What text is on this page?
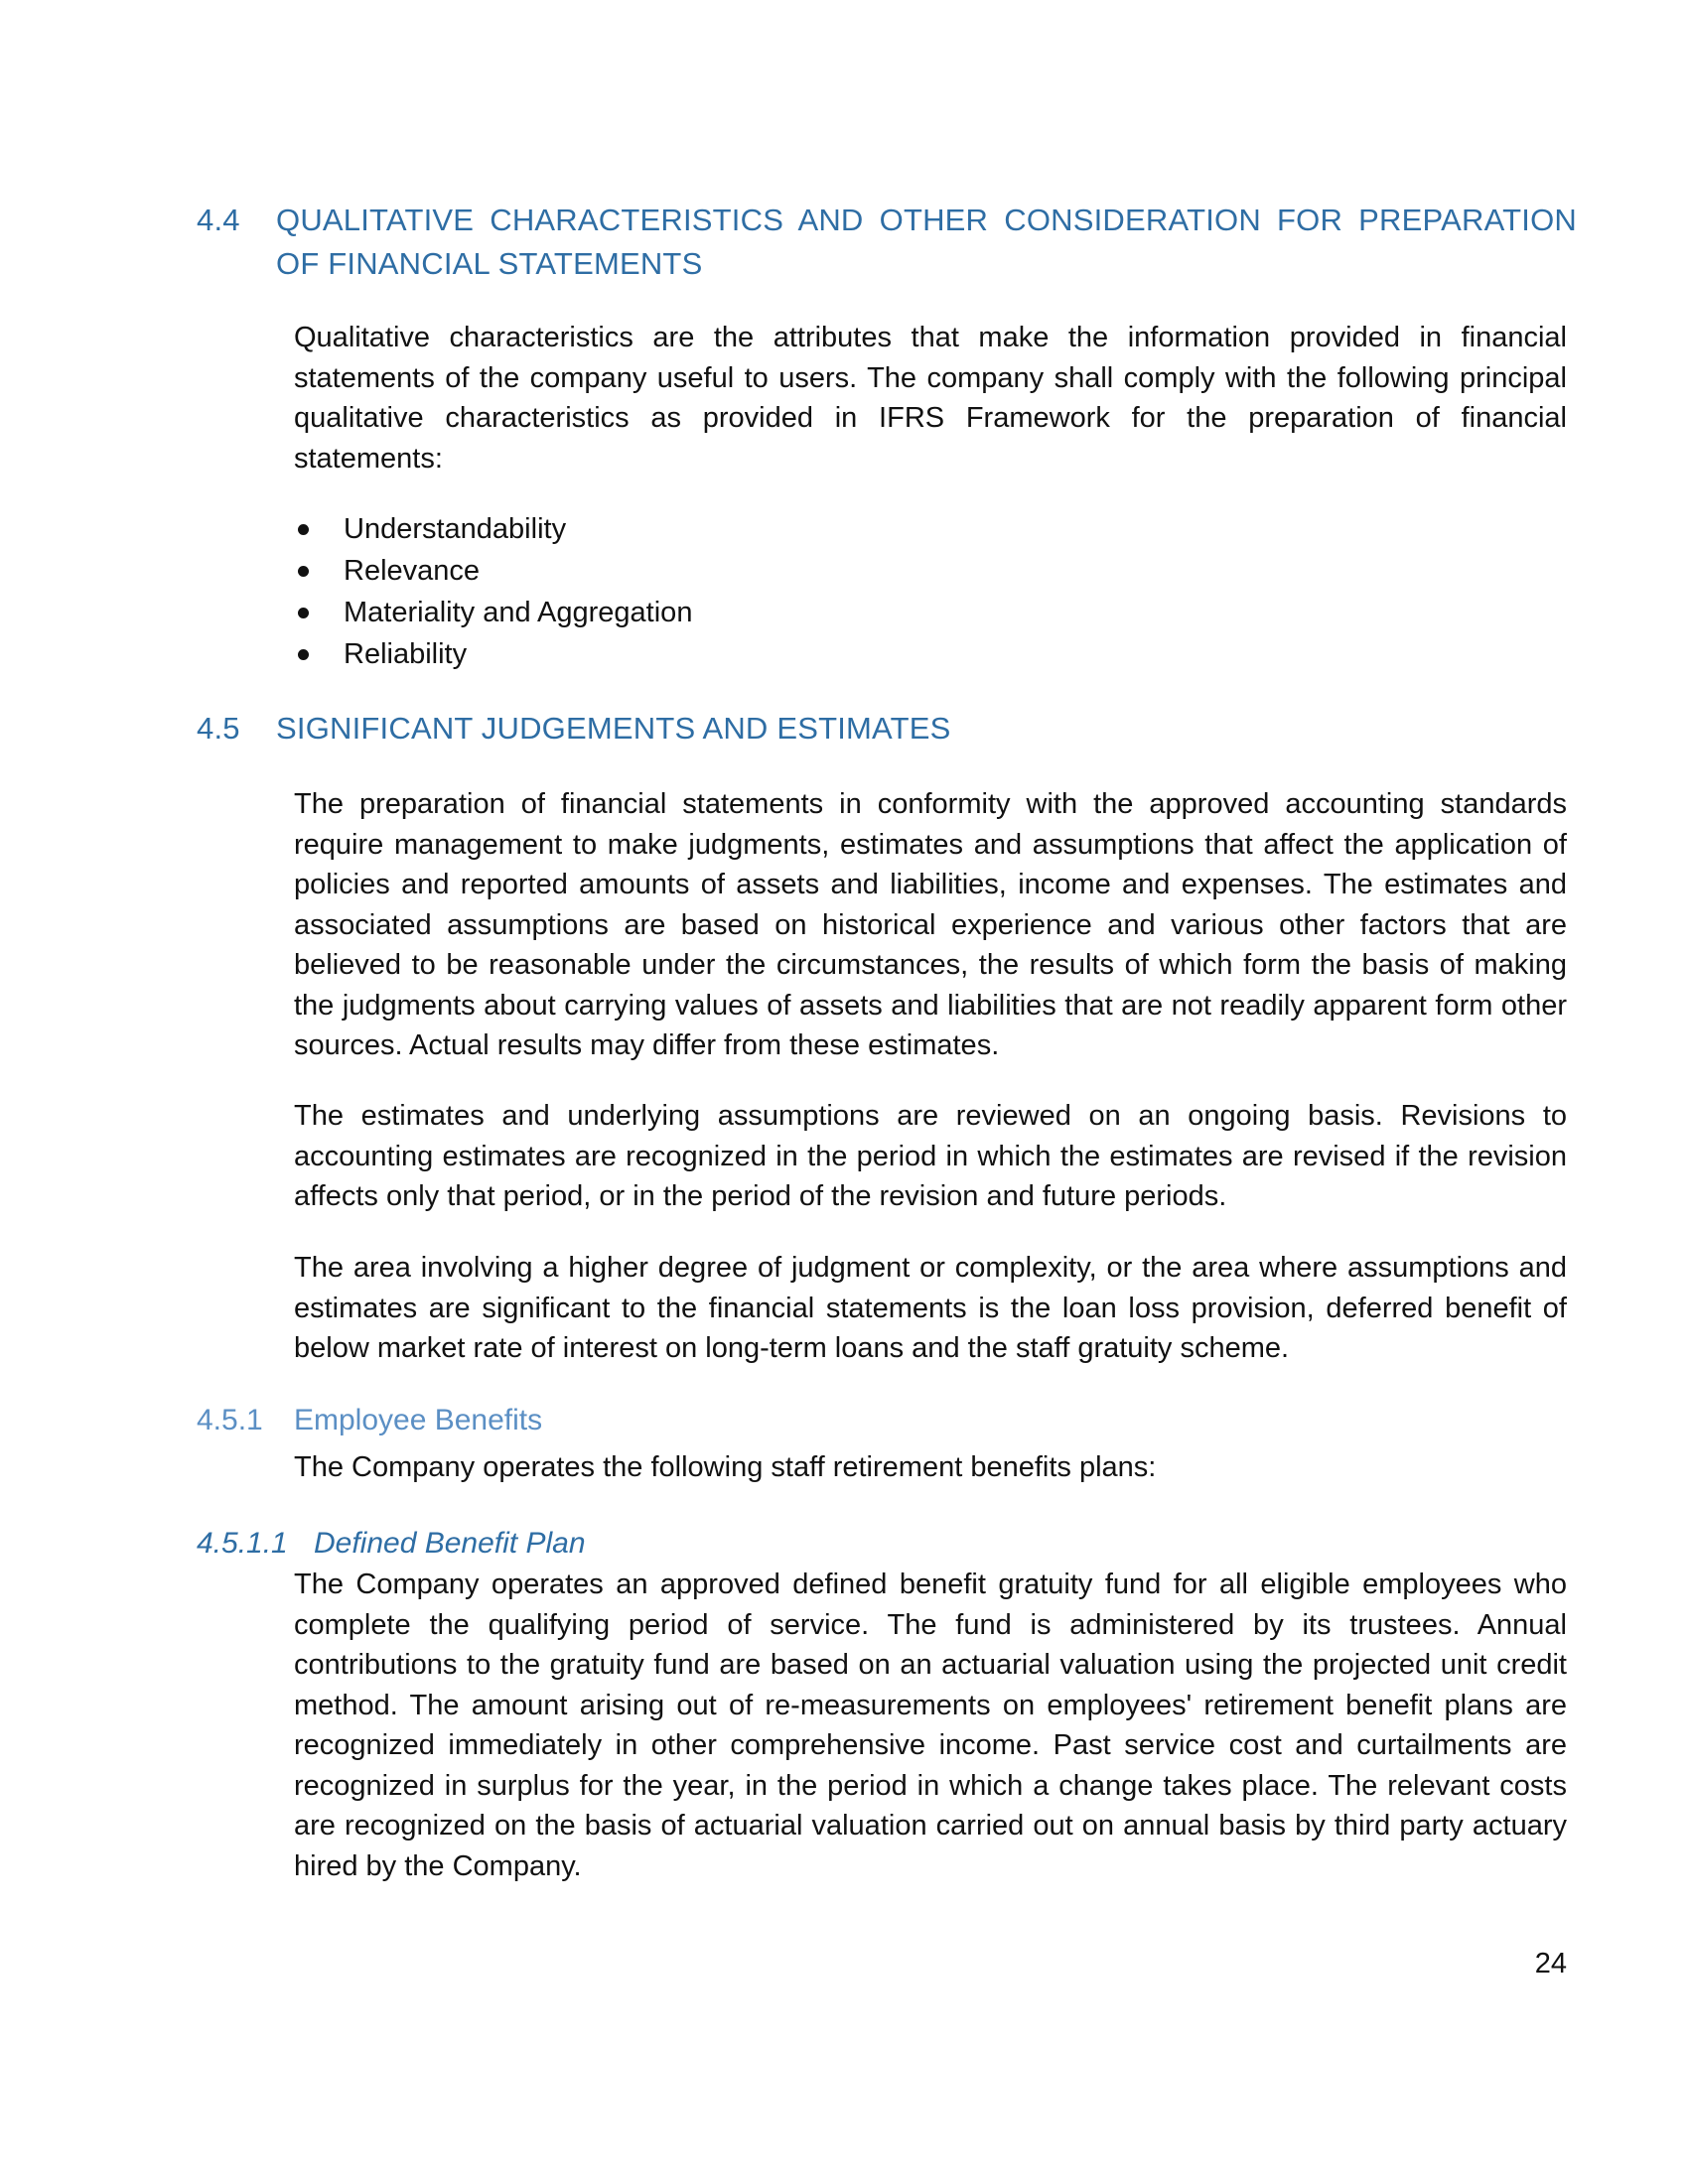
4.4 QUALITATIVE CHARACTERISTICS AND OTHER CONSIDERATION FOR PREPARATION OF FINANCIAL STATEMENTS

Qualitative characteristics are the attributes that make the information provided in financial statements of the company useful to users. The company shall comply with the following principal qualitative characteristics as provided in IFRS Framework for the preparation of financial statements:

Understandability
Relevance
Materiality and Aggregation
Reliability
4.5 SIGNIFICANT JUDGEMENTS AND ESTIMATES

The preparation of financial statements in conformity with the approved accounting standards require management to make judgments, estimates and assumptions that affect the application of policies and reported amounts of assets and liabilities, income and expenses. The estimates and associated assumptions are based on historical experience and various other factors that are believed to be reasonable under the circumstances, the results of which form the basis of making the judgments about carrying values of assets and liabilities that are not readily apparent form other sources. Actual results may differ from these estimates.

The estimates and underlying assumptions are reviewed on an ongoing basis. Revisions to accounting estimates are recognized in the period in which the estimates are revised if the revision affects only that period, or in the period of the revision and future periods.

The area involving a higher degree of judgment or complexity, or the area where assumptions and estimates are significant to the financial statements is the loan loss provision, deferred benefit of below market rate of interest on long-term loans and the staff gratuity scheme.

4.5.1 Employee Benefits

The Company operates the following staff retirement benefits plans:

4.5.1.1 Defined Benefit Plan

The Company operates an approved defined benefit gratuity fund for all eligible employees who complete the qualifying period of service. The fund is administered by its trustees. Annual contributions to the gratuity fund are based on an actuarial valuation using the projected unit credit method. The amount arising out of re-measurements on employees' retirement benefit plans are recognized immediately in other comprehensive income. Past service cost and curtailments are recognized in surplus for the year, in the period in which a change takes place. The relevant costs are recognized on the basis of actuarial valuation carried out on annual basis by third party actuary hired by the Company.

24
